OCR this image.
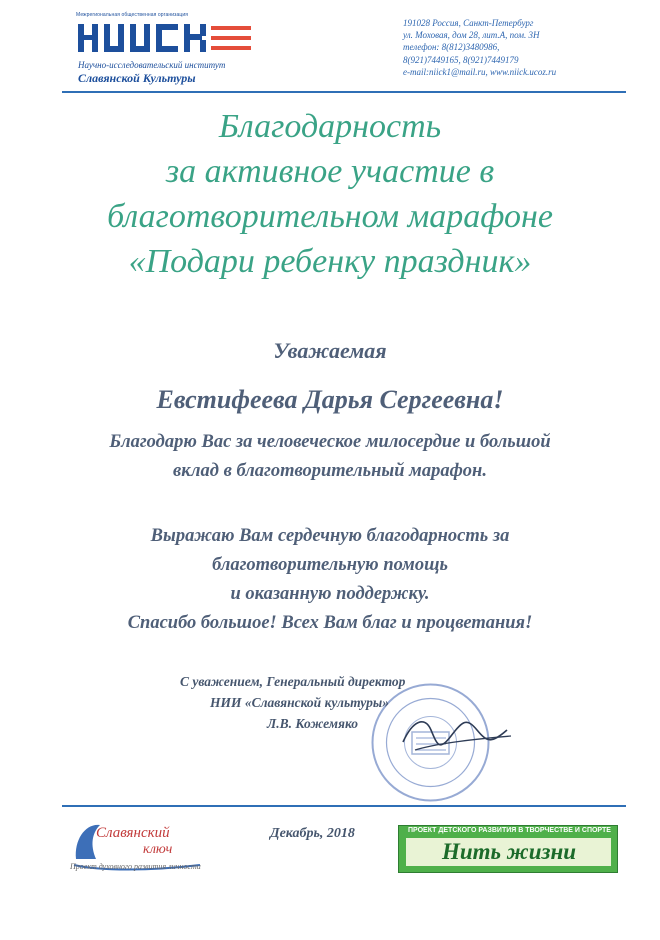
Межрегиональная общественная организация
Научно-исследовательский институт
Славянской Культуры
191028 Россия, Санкт-Петербург
ул. Моховая, дом 28, лит.А, пом. 3Н
телефон: 8(812)3480986,
8(921)7449165, 8(921)7449179
e-mail:niick1@mail.ru, www.niick.ucoz.ru
Благодарность
за активное участие в
благотворительном марафоне
«Подари ребенку праздник»
Уважаемая
Евстифеева Дарья Сергеевна!
Благодарю Вас за человеческое милосердие и большой
вклад в благотворительный марафон.
Выражаю Вам сердечную благодарность за
благотворительную помощь
и оказанную поддержку.
Спасибо большое! Всех Вам благ и процветания!
С уважением, Генеральный директор
НИИ «Славянской культуры»
Л.В. Кожемяко
Славянский
ключ
Проект духовного развития личности
Декабрь, 2018	ПРОЕКТ ДЕТСКОГО РАЗВИТИЯ В ТВОРЧЕСТВЕ И СПОРТЕ
Нить жизни
